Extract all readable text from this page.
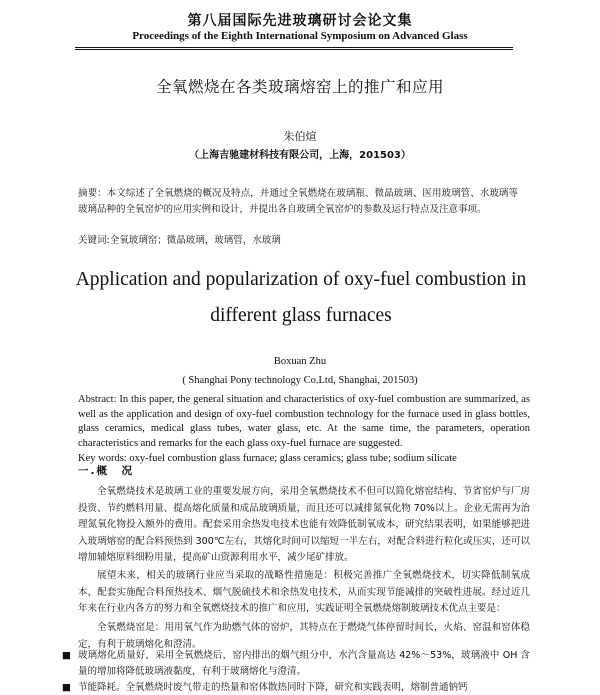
第八届国际先进玻璃研讨会论文集
Proceedings of the Eighth International Symposium on Advanced Glass
全氧燃烧在各类玻璃熔窑上的推广和应用
朱伯煊
（上海吉驰建材科技有限公司，上海，201503）
摘要：本文综述了全氧燃烧的概况及特点，并通过全氧燃烧在玻璃瓶、微晶玻璃、医用玻璃管、水玻璃等玻璃品种的全氧窑炉的应用实例和设计，并提出各自玻璃全氧窑炉的参数及运行特点及注意事项。
关键词:全氧玻璃窑；微晶玻璃，玻璃管，水玻璃
Application and popularization of oxy-fuel combustion in different glass furnaces
Boxuan Zhu
( Shanghai Pony technology Co.Ltd, Shanghai, 201503)
Abstract: In this paper, the general situation and characteristics of oxy-fuel combustion are summarized, as well as the application and design of oxy-fuel combustion technology for the furnace used in glass bottles, glass ceramics, medical glass tubes, water glass, etc. At the same time, the parameters, operation characteristics and remarks for the each glass oxy-fuel furnace are suggested.
Key words: oxy-fuel combustion glass furnace; glass ceramics; glass tube; sodium silicate
一.概　况
全氧燃烧技术是玻璃工业的重要发展方向，采用全氧燃烧技术不但可以简化熔窑结构、节省窑炉与厂房投资、节约燃料用量、提高熔化质量和成品玻璃质量，而且还可以减排氮氧化物 70%以上。企业无需再为治理氮氧化物投入额外的费用。配套采用余热发电技术也能有效降低制氧成本，研究结果表明，如果能够把进入玻璃熔窑的配合料预热到 300℃左右，其熔化时间可以缩短一半左右，对配合料进行粒化或压实，还可以增加辅熔原料细粉用量，提高矿山资源利用水平，减少尾矿排放。
展望未来，相关的玻璃行业应当采取的战略性措施是：积极完善推广全氧燃烧技术，切实降低制氧成本，配套实施配合料预热技术、烟气脱硫技术和余热发电技术，从而实现节能减排的突破性进展。经过近几年来在行业内各方的努力和全氧燃烧技术的推广和应用，实践证明全氧燃烧熔制玻璃技术优点主要是：
全氧燃烧窑是：用用氧气作为助燃气体的窑炉，其特点在于燃烧气体停留时间长，火焰、窑温和窑体稳定，有利于玻璃熔化和澄清。
■ 玻璃熔化质量好，采用全氧燃烧后，窑内排出的烟气组分中，水汽含量高达 42%～53%，玻璃液中 OH 含量的增加将降低玻璃液黏度，有利于玻璃熔化与澄清。
■ 节能降耗。全氧燃烧时废气带走的热量和窑体散热同时下降，研究和实践表明，熔制普通钠钙
